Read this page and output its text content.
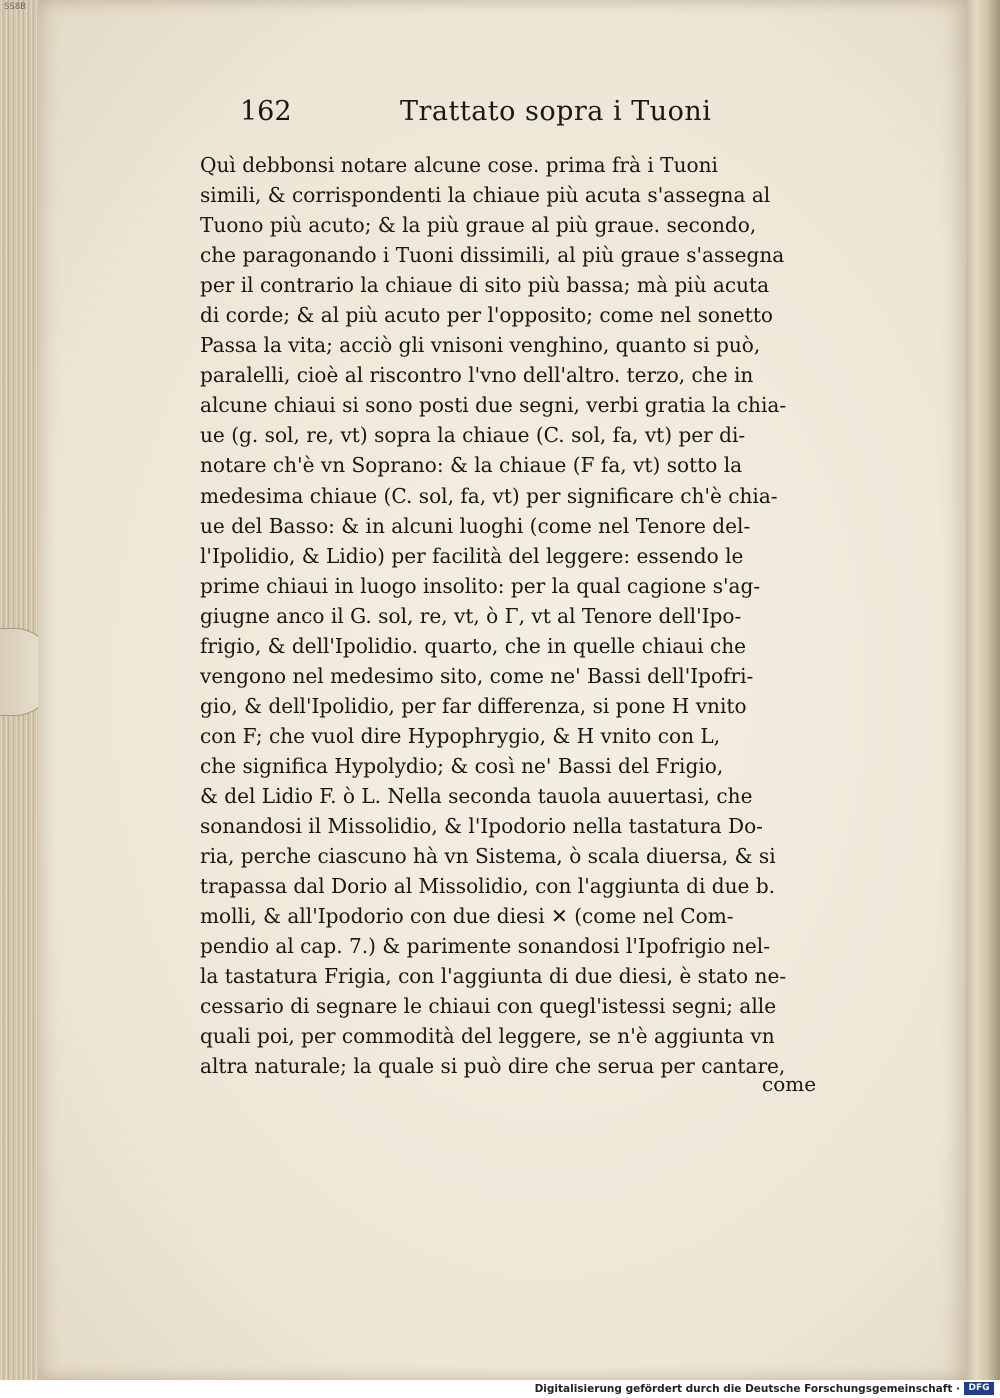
SS8B
162	Trattato sopra i Tuoni
Quì debbonsi notare alcune cose. prima frà i Tuoni
simili, & corrispondenti la chiaue più acuta s'assegna al
Tuono più acuto; & la più graue al più graue. secondo,
che paragonando i Tuoni dissimili, al più graue s'assegna
per il contrario la chiaue di sito più bassa; mà più acuta
di corde; & al più acuto per l'opposito; come nel sonetto
Passa la vita; acciò gli vnisoni venghino, quanto si può,
paralelli, cioè al riscontro l'vno dell'altro. terzo, che in
alcune chiaui si sono posti due segni, verbi gratia la chia-
ue (g. sol, re, vt) sopra la chiaue (C. sol, fa, vt) per di-
notare ch'è vn Soprano: & la chiaue (F fa, vt) sotto la
medesima chiaue (C. sol, fa, vt) per significare ch'è chia-
ue del Basso: & in alcuni luoghi (come nel Tenore del-
l'Ipolidio, & Lidio) per facilità del leggere: essendo le
prime chiaui in luogo insolito: per la qual cagione s'ag-
giugne anco il G. sol, re, vt, ò Γ, vt al Tenore dell'Ipo-
frigio, & dell'Ipolidio. quarto, che in quelle chiaui che
vengono nel medesimo sito, come ne' Bassi dell'Ipofri-
gio, & dell'Ipolidio, per far differenza, si pone H vnito
con F; che vuol dire Hypophrygio, & H vnito con L,
che significa Hypolydio; & così ne' Bassi del Frigio,
& del Lidio F. ò L. Nella seconda tauola auuertasi, che
sonandosi il Missolidio, & l'Ipodorio nella tastatura Do-
ria, perche ciascuno hà vn Sistema, ò scala diuersa, & si
trapassa dal Dorio al Missolidio, con l'aggiunta di due b.
molli, & all'Ipodorio con due diesi ✕ (come nel Com-
pendio al cap. 7.) & parimente sonandosi l'Ipofrigio nel-
la tastatura Frigia, con l'aggiunta di due diesi, è stato ne-
cessario di segnare le chiaui con quegl'istessi segni; alle
quali poi, per commodità del leggere, se n'è aggiunta vn
altra naturale; la quale si può dire che serua per cantare,
come
Digitalisierung gefördert durch die Deutsche Forschungsgemeinschaft · DFG
